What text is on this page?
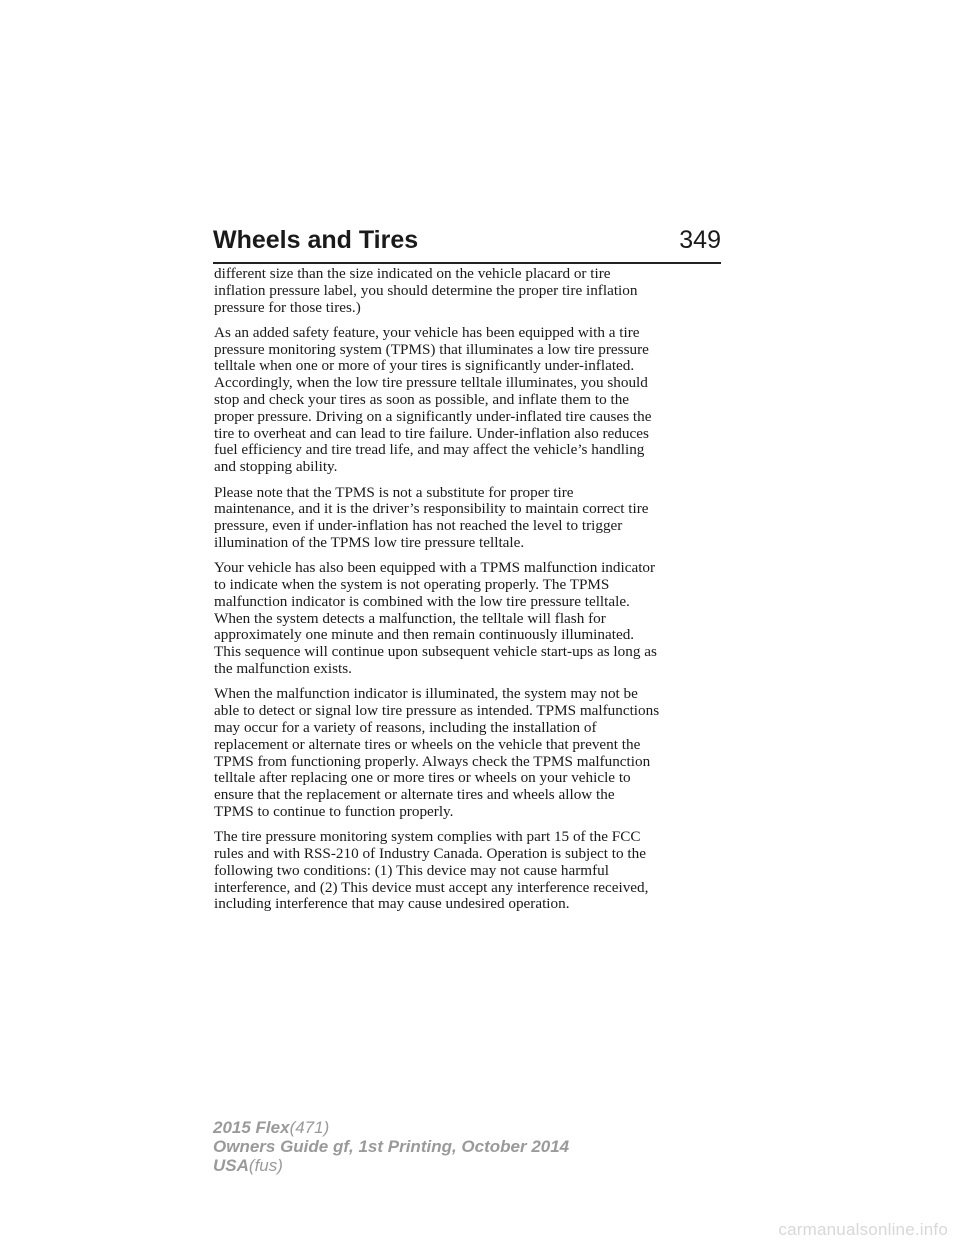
Wheels and Tires	349

different size than the size indicated on the vehicle placard or tire
inflation pressure label, you should determine the proper tire inflation
pressure for those tires.)

As an added safety feature, your vehicle has been equipped with a tire
pressure monitoring system (TPMS) that illuminates a low tire pressure
telltale when one or more of your tires is significantly under-inflated.
Accordingly, when the low tire pressure telltale illuminates, you should
stop and check your tires as soon as possible, and inflate them to the
proper pressure. Driving on a significantly under-inflated tire causes the
tire to overheat and can lead to tire failure. Under-inflation also reduces
fuel efficiency and tire tread life, and may affect the vehicle’s handling
and stopping ability.

Please note that the TPMS is not a substitute for proper tire
maintenance, and it is the driver’s responsibility to maintain correct tire
pressure, even if under-inflation has not reached the level to trigger
illumination of the TPMS low tire pressure telltale.

Your vehicle has also been equipped with a TPMS malfunction indicator
to indicate when the system is not operating properly. The TPMS
malfunction indicator is combined with the low tire pressure telltale.
When the system detects a malfunction, the telltale will flash for
approximately one minute and then remain continuously illuminated.
This sequence will continue upon subsequent vehicle start-ups as long as
the malfunction exists.

When the malfunction indicator is illuminated, the system may not be
able to detect or signal low tire pressure as intended. TPMS malfunctions
may occur for a variety of reasons, including the installation of
replacement or alternate tires or wheels on the vehicle that prevent the
TPMS from functioning properly. Always check the TPMS malfunction
telltale after replacing one or more tires or wheels on your vehicle to
ensure that the replacement or alternate tires and wheels allow the
TPMS to continue to function properly.

The tire pressure monitoring system complies with part 15 of the FCC
rules and with RSS-210 of Industry Canada. Operation is subject to the
following two conditions: (1) This device may not cause harmful
interference, and (2) This device must accept any interference received,
including interference that may cause undesired operation.

2015 Flex(471)
Owners Guide gf, 1st Printing, October 2014
USA(fus)
carmanualsonline.info
